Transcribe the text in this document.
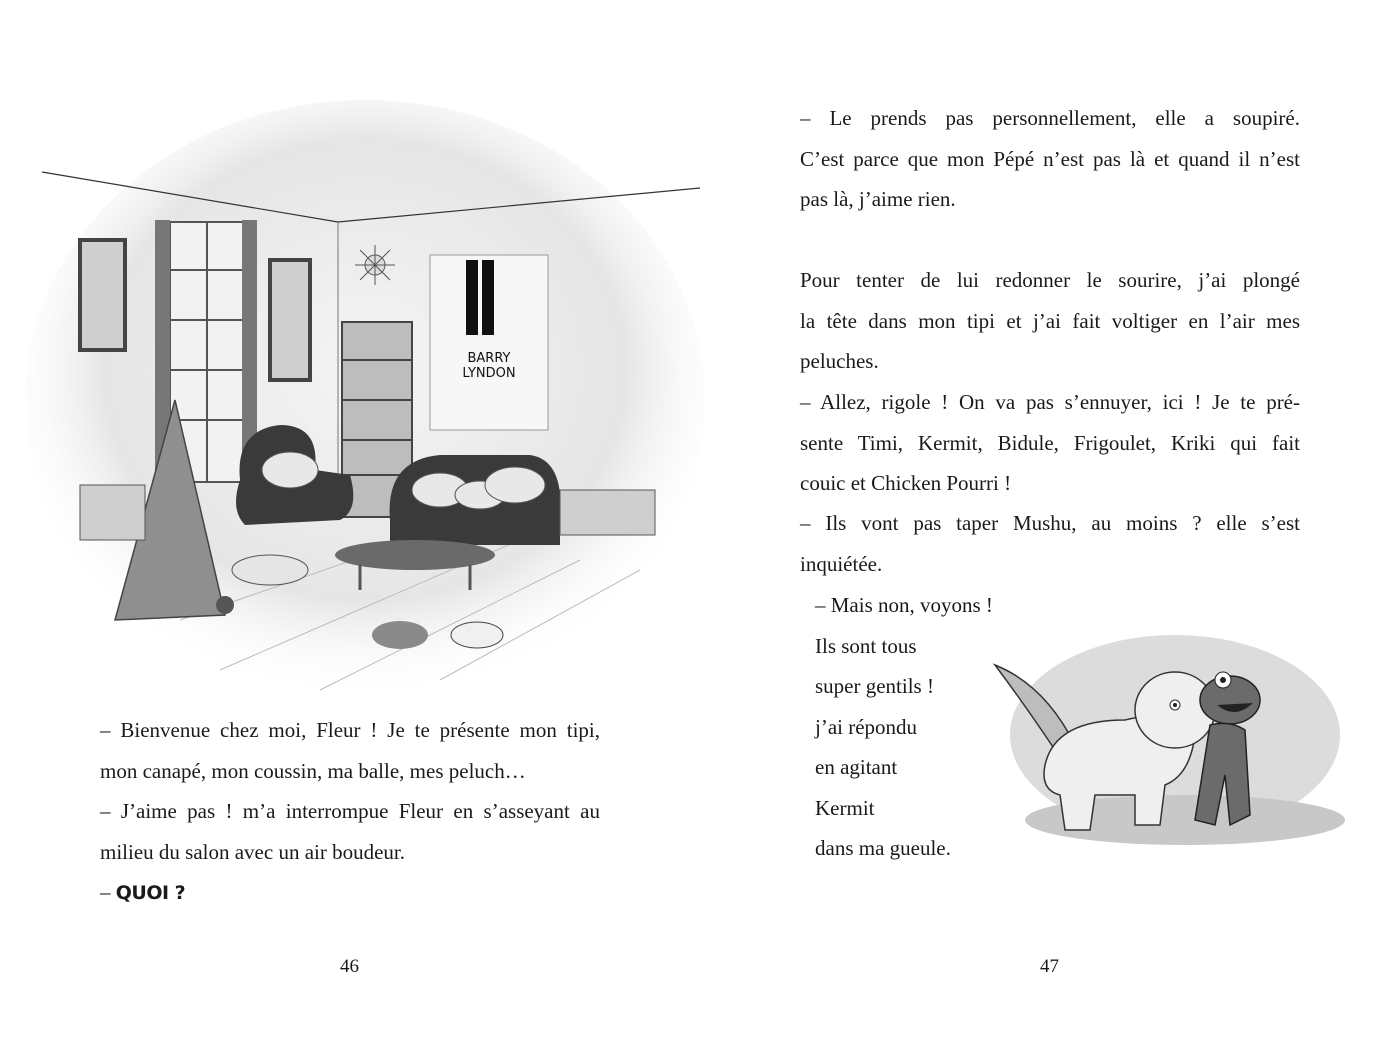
BARRY
LYNDON
– Bienvenue chez moi, Fleur ! Je te présente mon tipi,
mon canapé, mon coussin, ma balle, mes peluch…
– J’aime pas ! m’a interrompue Fleur en s’asseyant au
milieu du salon avec un air boudeur.
– QUOI ?
46
– Le prends pas personnellement, elle a soupiré.
C’est parce que mon Pépé n’est pas là et quand il n’est
pas là, j’aime rien.
Pour tenter de lui redonner le sourire, j’ai plongé
la tête dans mon tipi et j’ai fait voltiger en l’air mes
peluches.
– Allez, rigole ! On va pas s’ennuyer, ici ! Je te pré-
sente Timi, Kermit, Bidule, Frigoulet, Kriki qui fait
couic et Chicken Pourri !
– Ils vont pas taper Mushu, au moins ? elle s’est
inquiétée.
– Mais non, voyons !
Ils sont tous
super gentils !
j’ai répondu
en agitant
Kermit
dans ma gueule.
47
